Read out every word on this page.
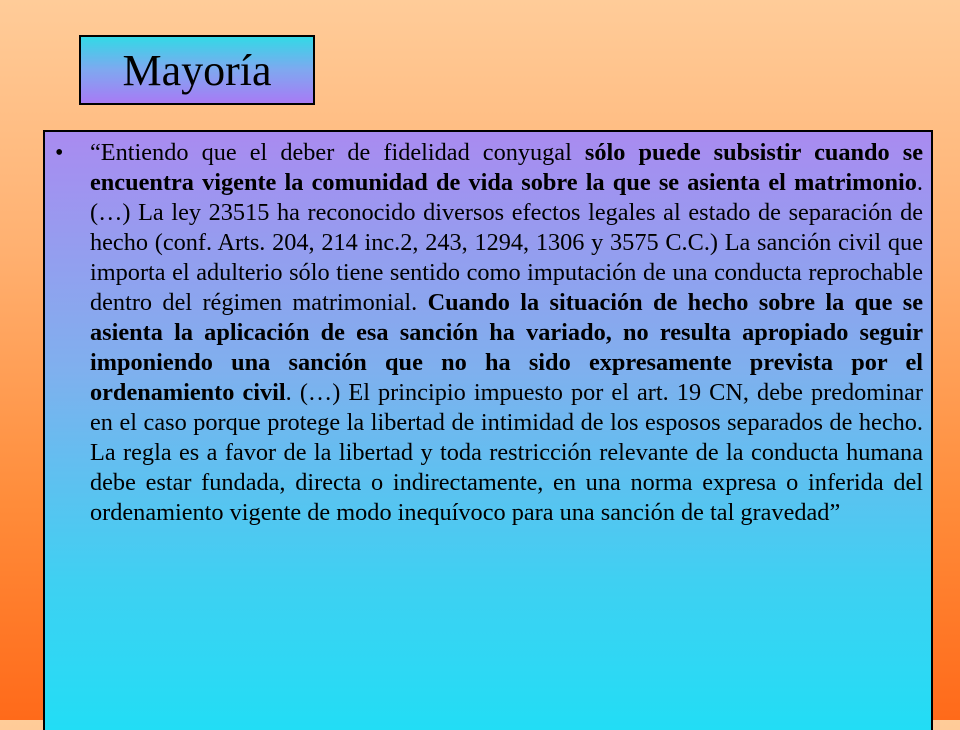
Mayoría
• “Entiendo que el deber de fidelidad conyugal sólo puede subsistir cuando se encuentra vigente la comunidad de vida sobre la que se asienta el matrimonio. (…) La ley 23515 ha reconocido diversos efectos legales al estado de separación de hecho (conf. Arts. 204, 214 inc.2, 243, 1294, 1306 y 3575 C.C.) La sanción civil que importa el adulterio sólo tiene sentido como imputación de una conducta reprochable dentro del régimen matrimonial. Cuando la situación de hecho sobre la que se asienta la aplicación de esa sanción ha variado, no resulta apropiado seguir imponiendo una sanción que no ha sido expresamente prevista por el ordenamiento civil. (…) El principio impuesto por el art. 19 CN, debe predominar en el caso porque protege la libertad de intimidad de los esposos separados de hecho. La regla es a favor de la libertad y toda restricción relevante de la conducta humana debe estar fundada, directa o indirectamente, en una norma expresa o inferida del ordenamiento vigente de modo inequívoco para una sanción de tal gravedad”
